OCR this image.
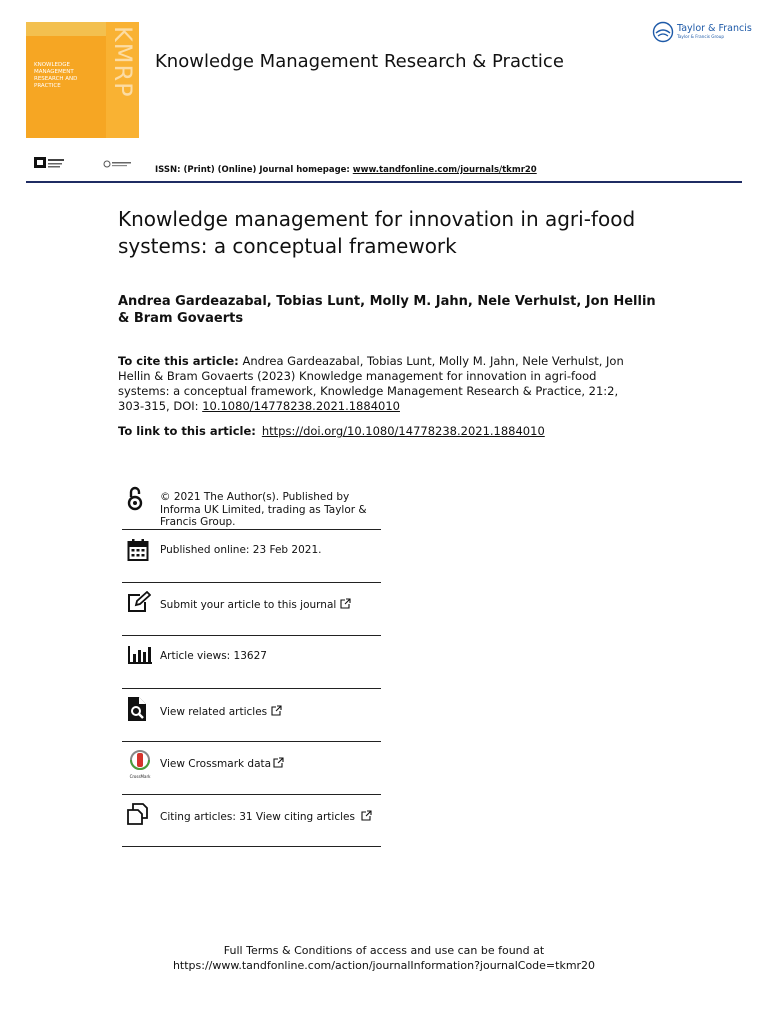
KMRP
KNOWLEDGE MANAGEMENT RESEARCH AND PRACTICE
Knowledge Management Research & Practice
Taylor & Francis
Taylor & Francis Group
ISSN: (Print) (Online) Journal homepage: www.tandfonline.com/journals/tkmr20
Knowledge management for innovation in agri-food systems: a conceptual framework
Andrea Gardeazabal, Tobias Lunt, Molly M. Jahn, Nele Verhulst, Jon Hellin & Bram Govaerts
To cite this article: Andrea Gardeazabal, Tobias Lunt, Molly M. Jahn, Nele Verhulst, Jon Hellin & Bram Govaerts (2023) Knowledge management for innovation in agri-food systems: a conceptual framework, Knowledge Management Research & Practice, 21:2, 303-315, DOI: 10.1080/14778238.2021.1884010
To link to this article: https://doi.org/10.1080/14778238.2021.1884010
© 2021 The Author(s). Published by Informa UK Limited, trading as Taylor & Francis Group.
Published online: 23 Feb 2021.
Submit your article to this journal
Article views: 13627
View related articles
CrossMark
View Crossmark data
Citing articles: 31 View citing articles
Full Terms & Conditions of access and use can be found at
https://www.tandfonline.com/action/journalInformation?journalCode=tkmr20
